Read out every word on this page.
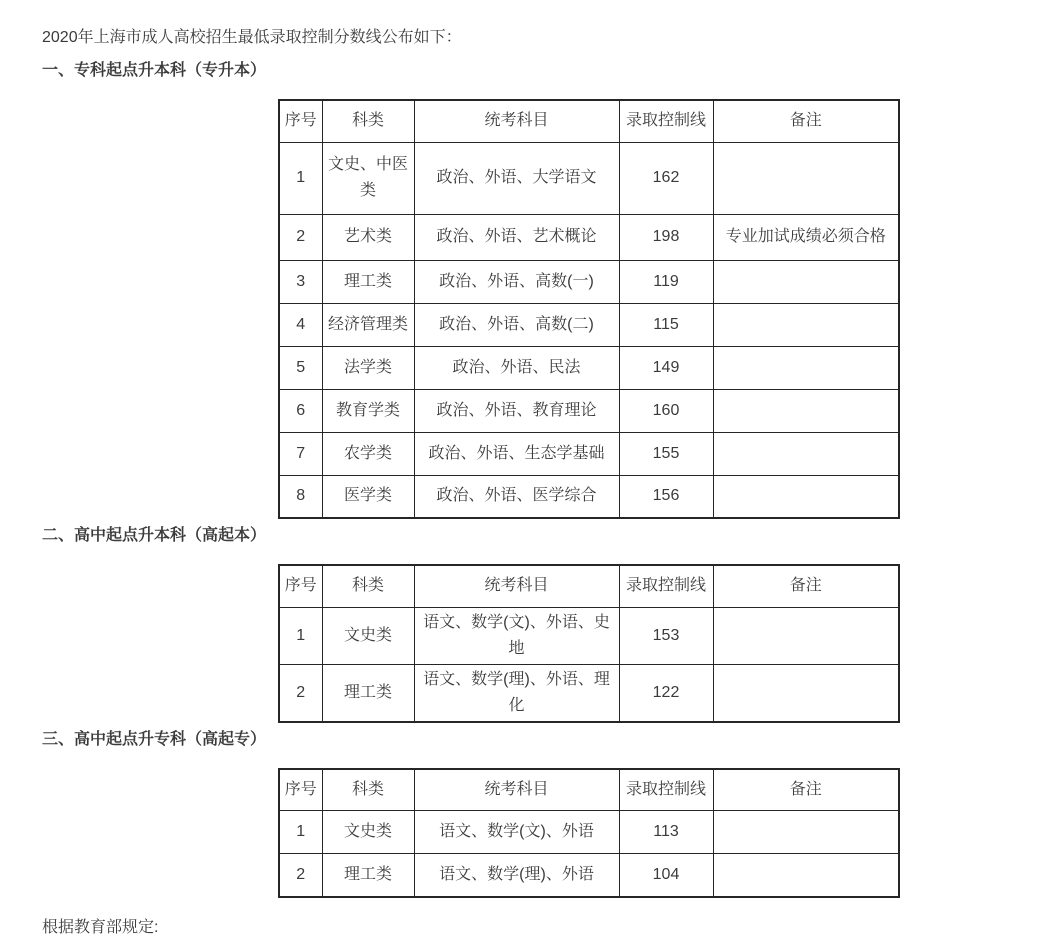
2020年上海市成人高校招生最低录取控制分数线公布如下：

一、专科起点升本科（专升本）

序号	科类	统考科目	录取控制线	备注
1	文史、中医类	政治、外语、大学语文	162	
2	艺术类	政治、外语、艺术概论	198	专业加试成绩必须合格
3	理工类	政治、外语、高数(一)	119	
4	经济管理类	政治、外语、高数(二)	115	
5	法学类	政治、外语、民法	149	
6	教育学类	政治、外语、教育理论	160	
7	农学类	政治、外语、生态学基础	155	
8	医学类	政治、外语、医学综合	156	

二、高中起点升本科（高起本）

序号	科类	统考科目	录取控制线	备注
1	文史类	语文、数学(文)、外语、史地	153	
2	理工类	语文、数学(理)、外语、理化	122	

三、高中起点升专科（高起专）

序号	科类	统考科目	录取控制线	备注
1	文史类	语文、数学(文)、外语	113	
2	理工类	语文、数学(理)、外语	104	

根据教育部规定:
